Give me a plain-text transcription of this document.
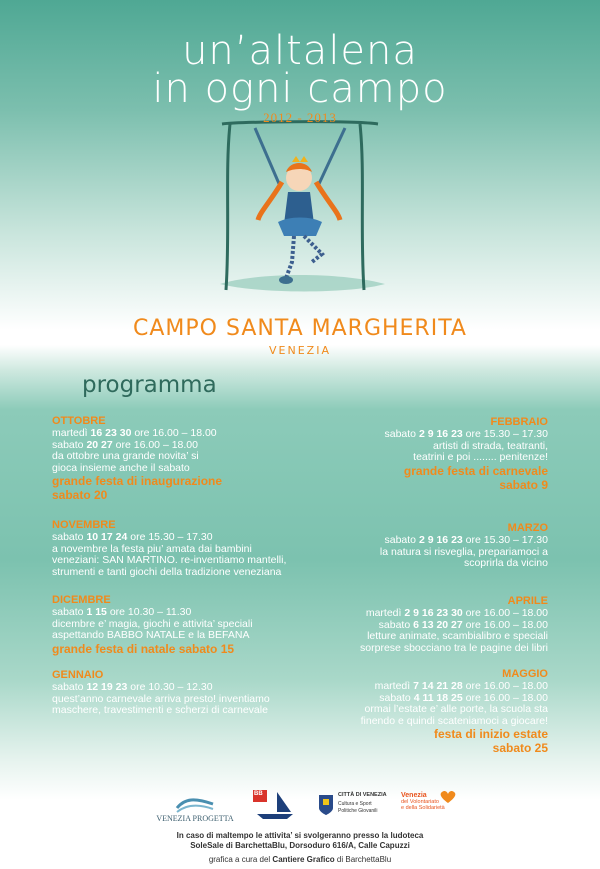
un’altalena
in ogni campo
2012 - 2013
CAMPO SANTA MARGHERITA
VENEZIA
programma
OTTOBRE
martedì 16 23 30 ore 16.00 – 18.00
sabato 20 27 ore 16.00 – 18.00
da ottobre una grande novita’ si
gioca insieme anche il sabato
grande festa di inaugurazione
sabato 20
NOVEMBRE
sabato 10 17 24 ore 15.30 – 17.30
a novembre la festa piu’ amata dai bambini
veneziani: SAN MARTINO. re-inventiamo mantelli,
strumenti e tanti giochi della tradizione veneziana
DICEMBRE
sabato 1 15 ore 10.30 – 11.30
dicembre e’ magia, giochi e attivita’ speciali
aspettando BABBO NATALE e la BEFANA
grande festa di natale sabato 15
GENNAIO
sabato 12 19 23 ore 10.30 – 12.30
quest’anno carnevale arriva presto! inventiamo
maschere, travestimenti e scherzi di carnevale
FEBBRAIO
sabato 2 9 16 23 ore 15.30 – 17.30
artisti di strada, teatranti,
teatrini e poi ........ penitenze!
grande festa di carnevale
sabato 9
MARZO
sabato 2 9 16 23 ore 15.30 – 17.30
la natura si risveglia, prepariamoci a
scoprirla da vicino
APRILE
martedì 2 9 16 23 30 ore 16.00 – 18.00
sabato 6 13 20 27 ore 16.00 – 18.00
letture animate, scambialibro e speciali
sorprese sbocciano tra le pagine dei libri
MAGGIO
martedì 7 14 21 28 ore 16.00 – 18.00
sabato 4 11 18 25 ore 16.00 – 18.00
ormai l’estate e’ alle porte, la scuola sta
finendo e quindi scateniamoci a giocare!
festa di inizio estate
sabato 25
VENEZIA PROGETTA
BB	CITTÀ DI VENEZIA
Cultura e Sport
Politiche Giovanili
Venezia
del Volontariato
e della Solidarietà
In caso di maltempo le attivita’ si svolgeranno presso la ludoteca
SoleSale di BarchettaBlu, Dorsoduro 616/A, Calle Capuzzi
grafica a cura del Cantiere Grafico di BarchettaBlu
